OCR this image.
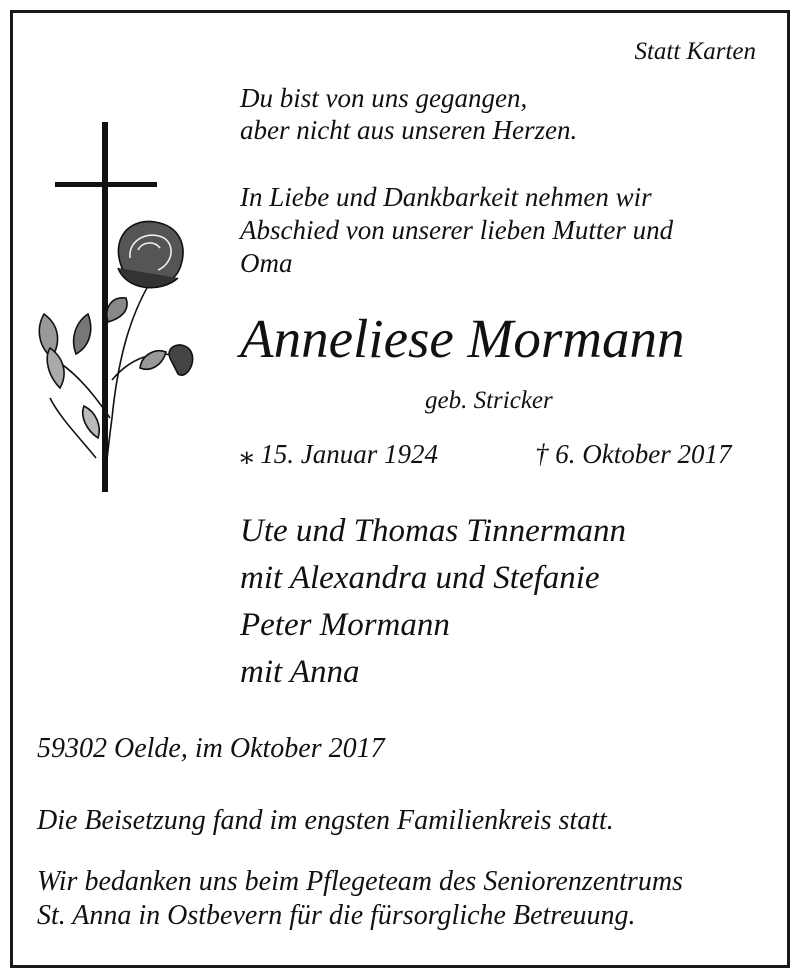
Statt Karten
Du bist von uns gegangen,
aber nicht aus unseren Herzen.
In Liebe und Dankbarkeit nehmen wir
Abschied von unserer lieben Mutter und
Oma
Anneliese Mormann
geb. Stricker
⁎ 15. Januar 1924	† 6. Oktober 2017
Ute und Thomas Tinnermann
mit Alexandra und Stefanie
Peter Mormann
mit Anna
59302 Oelde, im Oktober 2017
Die Beisetzung fand im engsten Familienkreis statt.
Wir bedanken uns beim Pflegeteam des Seniorenzentrums
St. Anna in Ostbevern für die fürsorgliche Betreuung.
